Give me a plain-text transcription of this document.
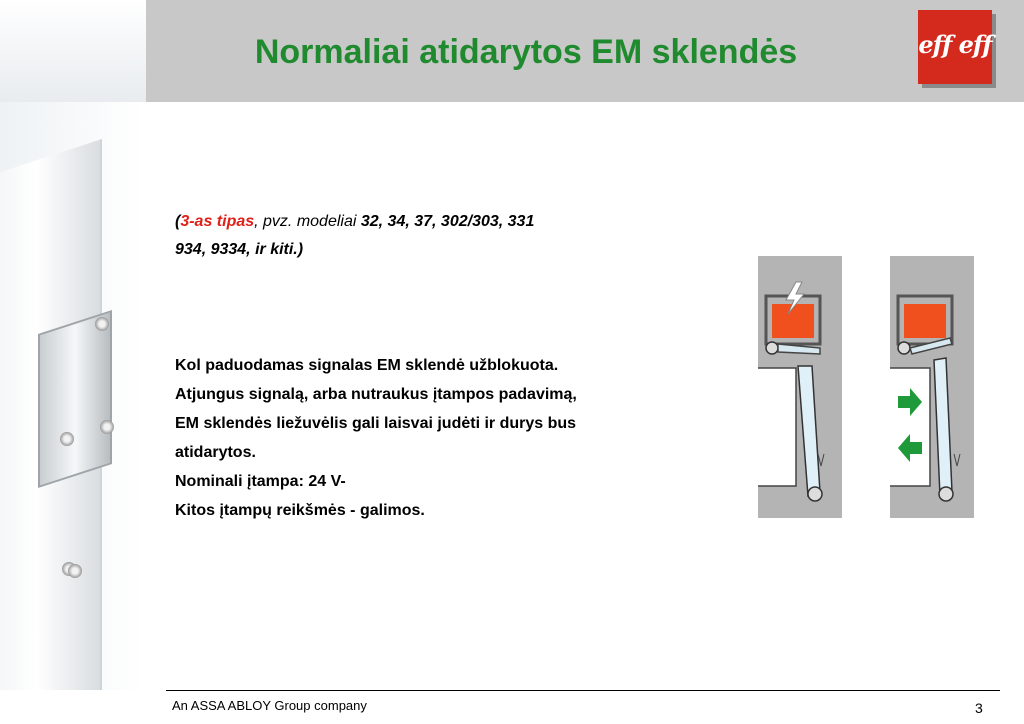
Normaliai atidarytos EM sklendės	eff eff
(3-as tipas, pvz. modeliai 32, 34, 37, 302/303, 331
934, 9334, ir kiti.)
Kol paduodamas signalas EM sklendė užblokuota.
Atjungus signalą, arba nutraukus įtampos padavimą,
EM sklendės liežuvėlis gali laisvai judėti ir durys bus
atidarytos.
Nominali įtampa: 24 V-
Kitos įtampų reikšmės - galimos.
An ASSA ABLOY Group company	3
